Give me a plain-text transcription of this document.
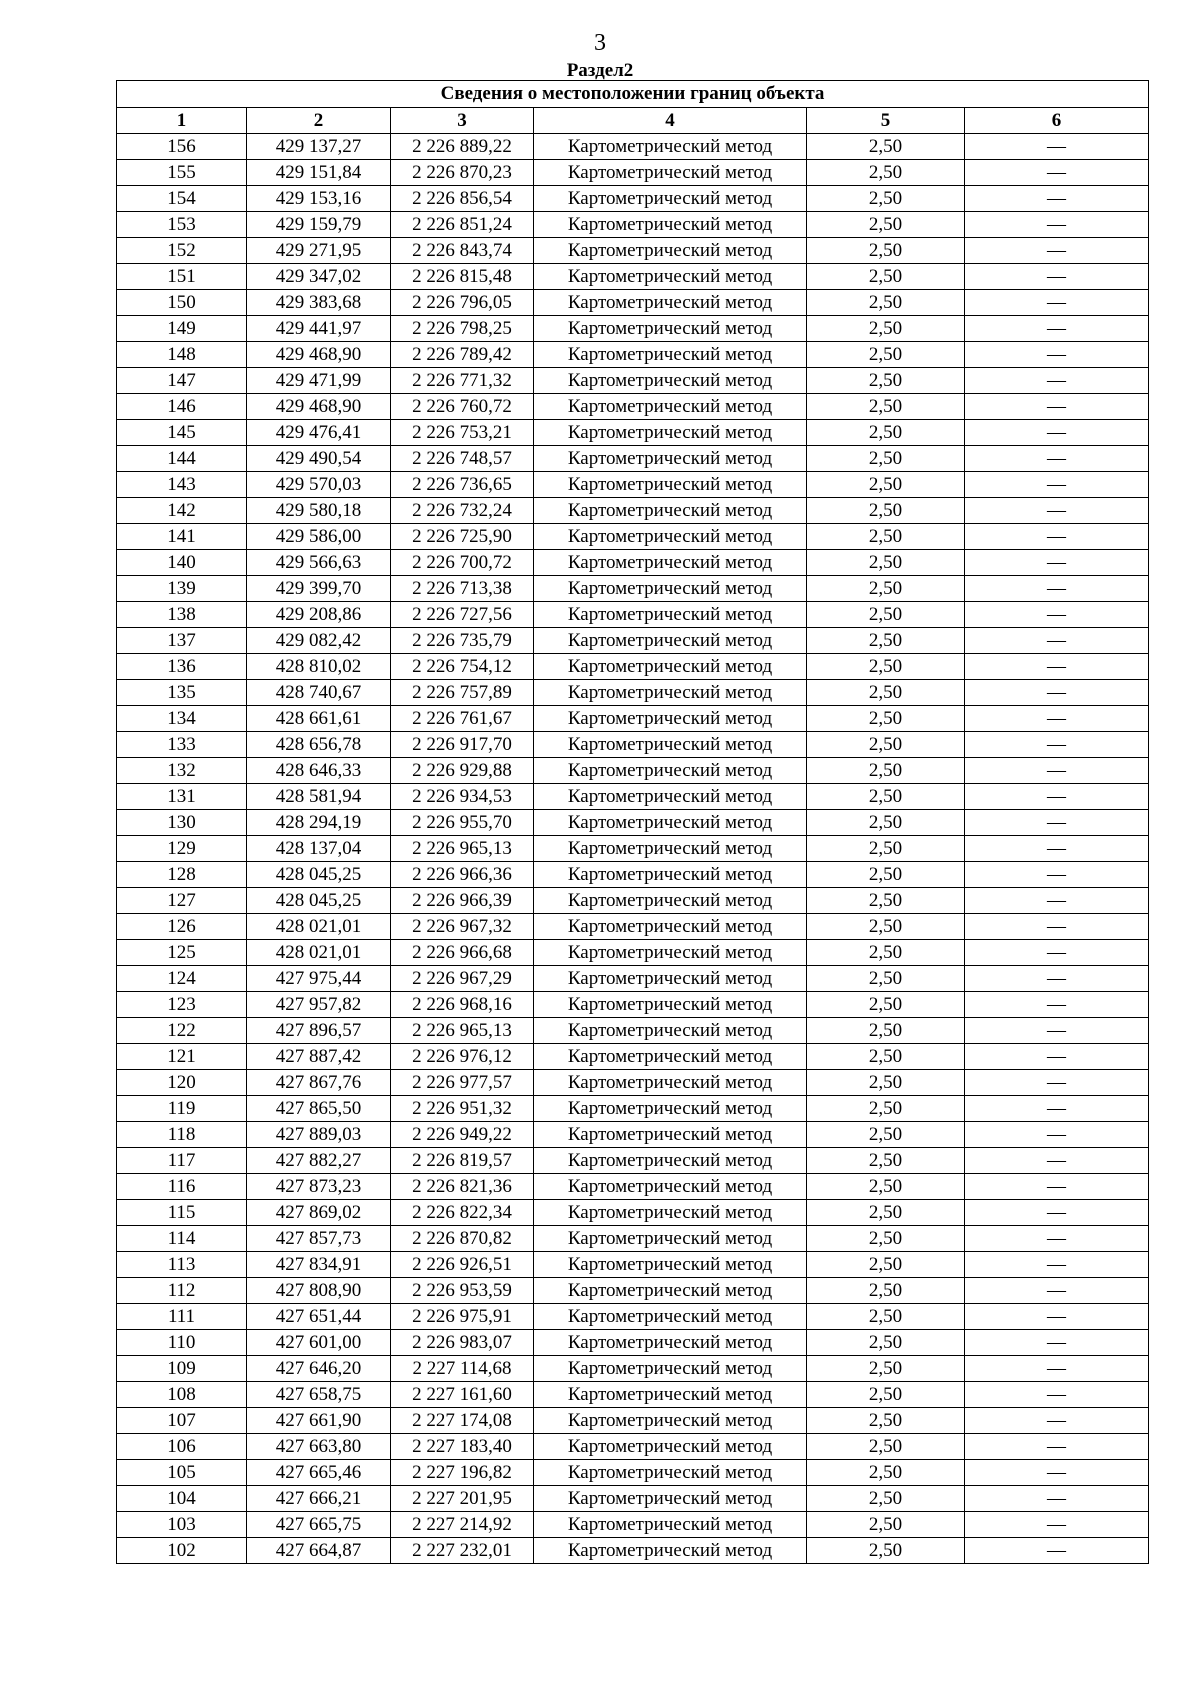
3
Раздел2
Сведения о местоположении границ объекта					
1	2	3	4	5	6
156	429 137,27	2 226 889,22	Картометрический метод	2,50	—
155	429 151,84	2 226 870,23	Картометрический метод	2,50	—
154	429 153,16	2 226 856,54	Картометрический метод	2,50	—
153	429 159,79	2 226 851,24	Картометрический метод	2,50	—
152	429 271,95	2 226 843,74	Картометрический метод	2,50	—
151	429 347,02	2 226 815,48	Картометрический метод	2,50	—
150	429 383,68	2 226 796,05	Картометрический метод	2,50	—
149	429 441,97	2 226 798,25	Картометрический метод	2,50	—
148	429 468,90	2 226 789,42	Картометрический метод	2,50	—
147	429 471,99	2 226 771,32	Картометрический метод	2,50	—
146	429 468,90	2 226 760,72	Картометрический метод	2,50	—
145	429 476,41	2 226 753,21	Картометрический метод	2,50	—
144	429 490,54	2 226 748,57	Картометрический метод	2,50	—
143	429 570,03	2 226 736,65	Картометрический метод	2,50	—
142	429 580,18	2 226 732,24	Картометрический метод	2,50	—
141	429 586,00	2 226 725,90	Картометрический метод	2,50	—
140	429 566,63	2 226 700,72	Картометрический метод	2,50	—
139	429 399,70	2 226 713,38	Картометрический метод	2,50	—
138	429 208,86	2 226 727,56	Картометрический метод	2,50	—
137	429 082,42	2 226 735,79	Картометрический метод	2,50	—
136	428 810,02	2 226 754,12	Картометрический метод	2,50	—
135	428 740,67	2 226 757,89	Картометрический метод	2,50	—
134	428 661,61	2 226 761,67	Картометрический метод	2,50	—
133	428 656,78	2 226 917,70	Картометрический метод	2,50	—
132	428 646,33	2 226 929,88	Картометрический метод	2,50	—
131	428 581,94	2 226 934,53	Картометрический метод	2,50	—
130	428 294,19	2 226 955,70	Картометрический метод	2,50	—
129	428 137,04	2 226 965,13	Картометрический метод	2,50	—
128	428 045,25	2 226 966,36	Картометрический метод	2,50	—
127	428 045,25	2 226 966,39	Картометрический метод	2,50	—
126	428 021,01	2 226 967,32	Картометрический метод	2,50	—
125	428 021,01	2 226 966,68	Картометрический метод	2,50	—
124	427 975,44	2 226 967,29	Картометрический метод	2,50	—
123	427 957,82	2 226 968,16	Картометрический метод	2,50	—
122	427 896,57	2 226 965,13	Картометрический метод	2,50	—
121	427 887,42	2 226 976,12	Картометрический метод	2,50	—
120	427 867,76	2 226 977,57	Картометрический метод	2,50	—
119	427 865,50	2 226 951,32	Картометрический метод	2,50	—
118	427 889,03	2 226 949,22	Картометрический метод	2,50	—
117	427 882,27	2 226 819,57	Картометрический метод	2,50	—
116	427 873,23	2 226 821,36	Картометрический метод	2,50	—
115	427 869,02	2 226 822,34	Картометрический метод	2,50	—
114	427 857,73	2 226 870,82	Картометрический метод	2,50	—
113	427 834,91	2 226 926,51	Картометрический метод	2,50	—
112	427 808,90	2 226 953,59	Картометрический метод	2,50	—
111	427 651,44	2 226 975,91	Картометрический метод	2,50	—
110	427 601,00	2 226 983,07	Картометрический метод	2,50	—
109	427 646,20	2 227 114,68	Картометрический метод	2,50	—
108	427 658,75	2 227 161,60	Картометрический метод	2,50	—
107	427 661,90	2 227 174,08	Картометрический метод	2,50	—
106	427 663,80	2 227 183,40	Картометрический метод	2,50	—
105	427 665,46	2 227 196,82	Картометрический метод	2,50	—
104	427 666,21	2 227 201,95	Картометрический метод	2,50	—
103	427 665,75	2 227 214,92	Картометрический метод	2,50	—
102	427 664,87	2 227 232,01	Картометрический метод	2,50	—
